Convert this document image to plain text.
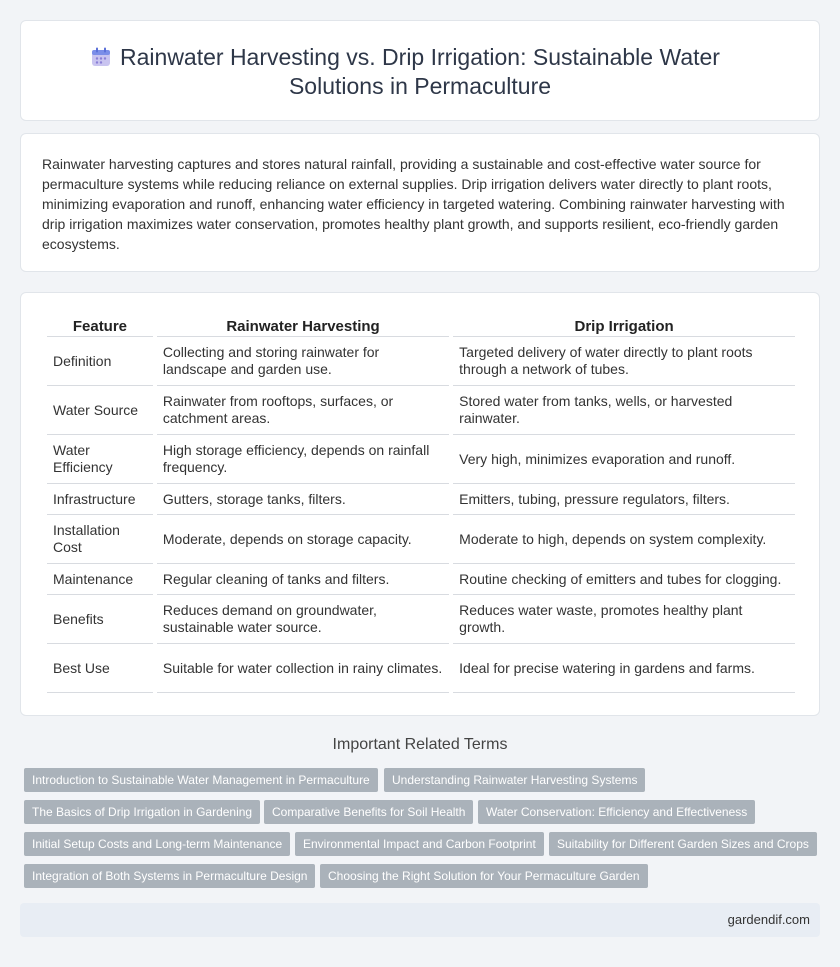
Rainwater Harvesting vs. Drip Irrigation: Sustainable Water Solutions in Permaculture

Rainwater harvesting captures and stores natural rainfall, providing a sustainable and cost-effective water source for permaculture systems while reducing reliance on external supplies. Drip irrigation delivers water directly to plant roots, minimizing evaporation and runoff, enhancing water efficiency in targeted watering. Combining rainwater harvesting with drip irrigation maximizes water conservation, promotes healthy plant growth, and supports resilient, eco-friendly garden ecosystems.

Feature	Rainwater Harvesting	Drip Irrigation
Definition	Collecting and storing rainwater for landscape and garden use.	Targeted delivery of water directly to plant roots through a network of tubes.
Water Source	Rainwater from rooftops, surfaces, or catchment areas.	Stored water from tanks, wells, or harvested rainwater.
Water Efficiency	High storage efficiency, depends on rainfall frequency.	Very high, minimizes evaporation and runoff.
Infrastructure	Gutters, storage tanks, filters.	Emitters, tubing, pressure regulators, filters.
Installation Cost	Moderate, depends on storage capacity.	Moderate to high, depends on system complexity.
Maintenance	Regular cleaning of tanks and filters.	Routine checking of emitters and tubes for clogging.
Benefits	Reduces demand on groundwater, sustainable water source.	Reduces water waste, promotes healthy plant growth.
Best Use	Suitable for water collection in rainy climates.	Ideal for precise watering in gardens and farms.
Important Related Terms
Introduction to Sustainable Water Management in Permaculture	Understanding Rainwater Harvesting Systems
The Basics of Drip Irrigation in Gardening	Comparative Benefits for Soil Health	Water Conservation: Efficiency and Effectiveness
Initial Setup Costs and Long-term Maintenance	Environmental Impact and Carbon Footprint	Suitability for Different Garden Sizes and Crops
Integration of Both Systems in Permaculture Design	Choosing the Right Solution for Your Permaculture Garden
gardendif.com
